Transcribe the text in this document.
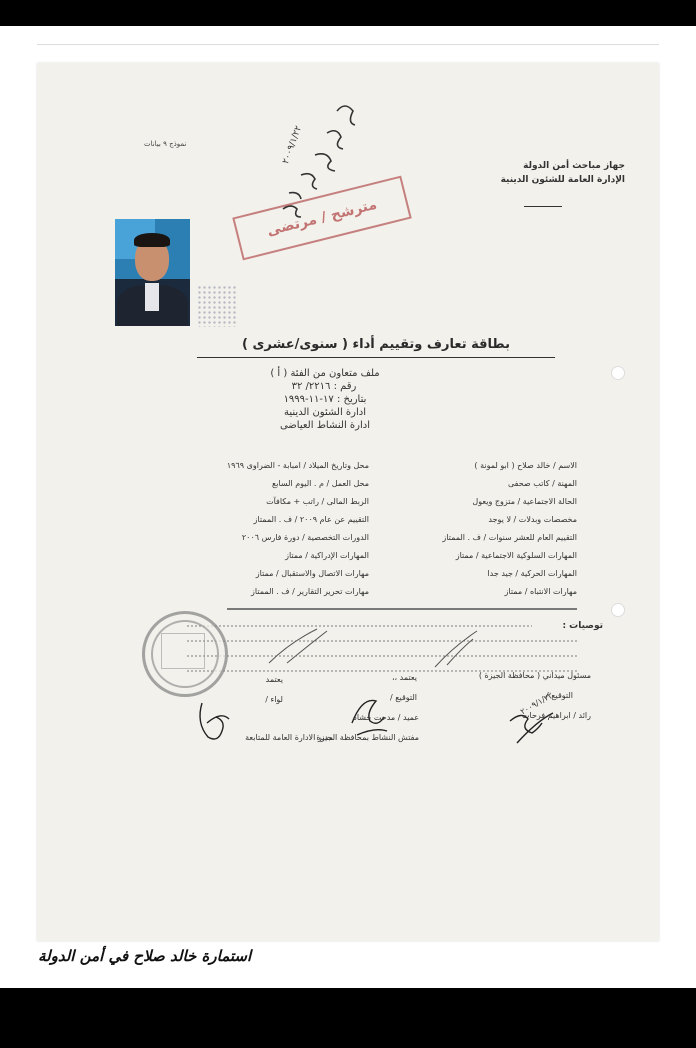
نموذج ٩ بيانات
جهاز مباحث أمن الدولة
الإدارة العامة للشئون الدينية
مترشح / مرتضى
بطاقة تعارف وتقييم أداء ( سنوى/عشرى )
ملف متعاون من الفئة ( أ )
رقم : ٢٢١٦/ ٣٢
بتاريخ : ١٧-١١-١٩٩٩
ادارة الشئون الدينية
ادارة النشاط العياضى
الاسم / خالد صلاح ( ابو لمونة )
المهنة / كاتب صحفى
الحالة الاجتماعية / متزوج ويعول
مخصصات وبدلات / لا يوجد
التقييم العام للعشر سنوات / ف . الممتاز
المهارات السلوكية الاجتماعية / ممتاز
المهارات الحركية / جيد جدا
مهارات الانتباه / ممتاز
محل وتاريخ الميلاد / امبابة - الضراوى ١٩٦٩
محل العمل / م . اليوم السابع
الربط المالى / راتب + مكافآت
التقييم عن عام ٢٠٠٩ / ف . الممتاز
الدورات التخصصية / دورة فارس ٢٠٠٦
المهارات الإدراكية / ممتاز
مهارات الاتصال والاستقبال / ممتاز
مهارات تحرير التقارير / ف . الممتاز
توصيات :
مسئول ميداني ( محافظة الجيزة )
التوقيع /
رائد / ابراهيم فرحات
يعتمد ،،
التوقيع /
عميد / مدحت حشاد
مفتش النشاط بمحافظة الجيزة
يعتمد
لواء /
مدير الادارة العامة للمتابعة
٢٠٠٩/١/٢٢
٢٠٠٩/١/٢٢
استمارة خالد صلاح في أمن الدولة
